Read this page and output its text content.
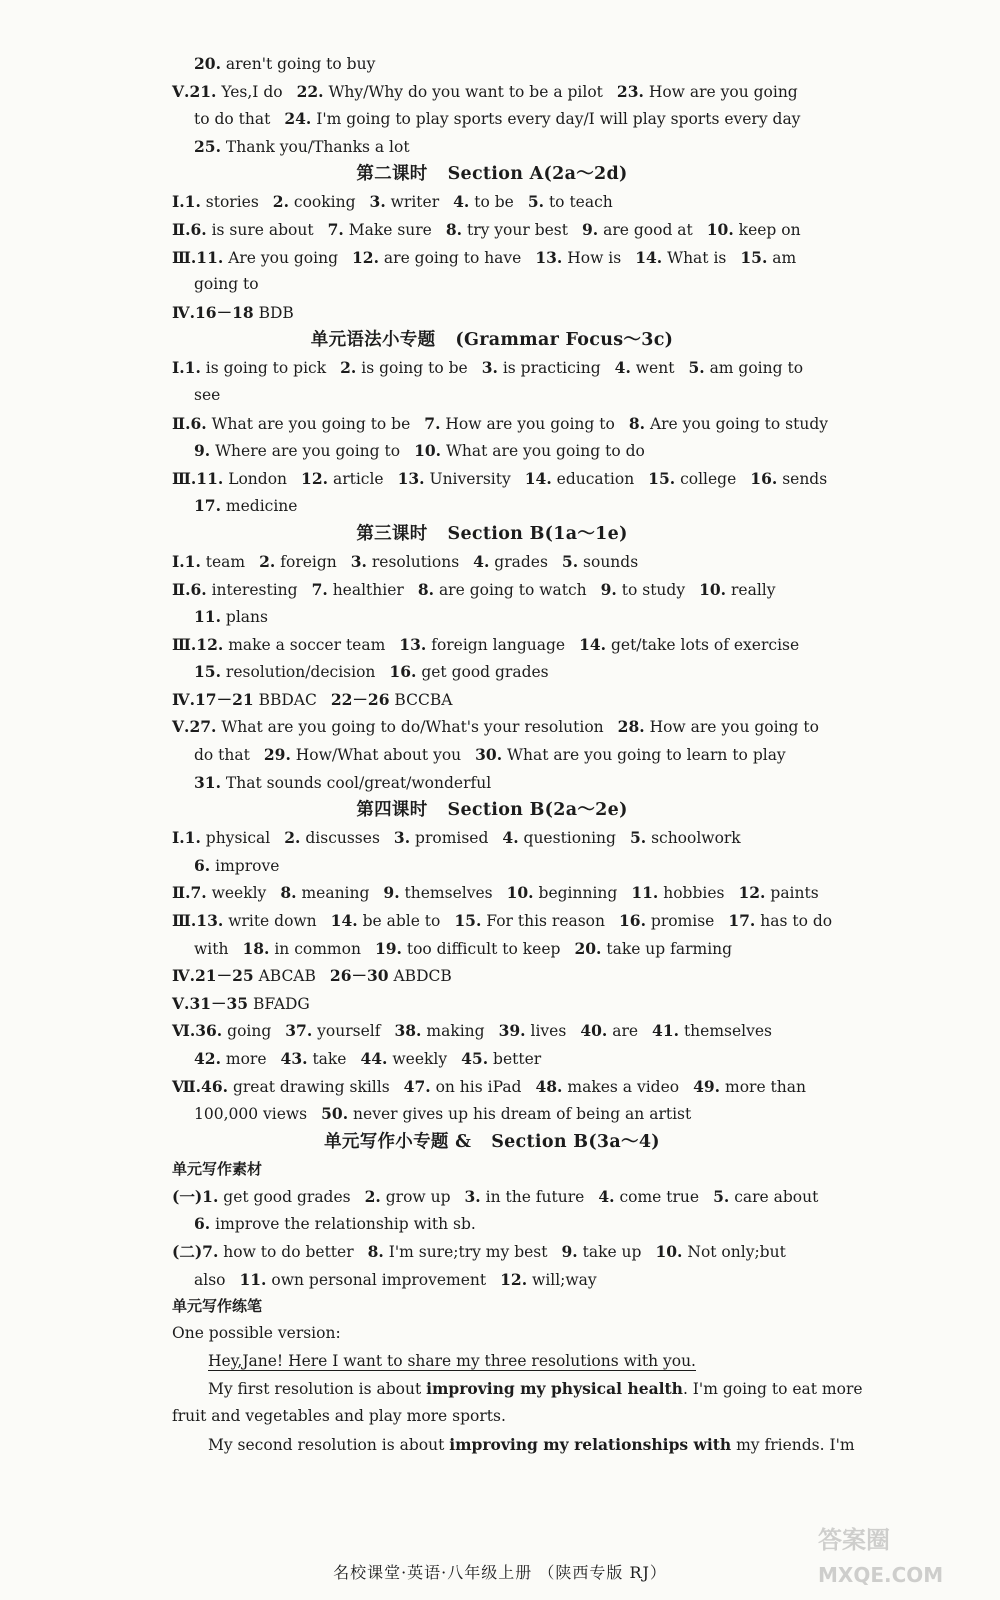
20. aren't going to buy
Ⅴ.21. Yes,I do 22. Why/Why do you want to be a pilot 23. How are you going
to do that 24. I'm going to play sports every day/I will play sports every day
25. Thank you/Thanks a lot
第二课时 Section A(2a～2d)
Ⅰ.1. stories 2. cooking 3. writer 4. to be 5. to teach
Ⅱ.6. is sure about 7. Make sure 8. try your best 9. are good at 10. keep on
Ⅲ.11. Are you going 12. are going to have 13. How is 14. What is 15. am
going to
Ⅳ.16－18 BDB
单元语法小专题 (Grammar Focus～3c)
Ⅰ.1. is going to pick 2. is going to be 3. is practicing 4. went 5. am going to
see
Ⅱ.6. What are you going to be 7. How are you going to 8. Are you going to study
9. Where are you going to 10. What are you going to do
Ⅲ.11. London 12. article 13. University 14. education 15. college 16. sends
17. medicine
第三课时 Section B(1a～1e)
Ⅰ.1. team 2. foreign 3. resolutions 4. grades 5. sounds
Ⅱ.6. interesting 7. healthier 8. are going to watch 9. to study 10. really
11. plans
Ⅲ.12. make a soccer team 13. foreign language 14. get/take lots of exercise
15. resolution/decision 16. get good grades
Ⅳ.17－21 BBDAC 22－26 BCCBA
Ⅴ.27. What are you going to do/What's your resolution 28. How are you going to
do that 29. How/What about you 30. What are you going to learn to play
31. That sounds cool/great/wonderful
第四课时 Section B(2a～2e)
Ⅰ.1. physical 2. discusses 3. promised 4. questioning 5. schoolwork
6. improve
Ⅱ.7. weekly 8. meaning 9. themselves 10. beginning 11. hobbies 12. paints
Ⅲ.13. write down 14. be able to 15. For this reason 16. promise 17. has to do
with 18. in common 19. too difficult to keep 20. take up farming
Ⅳ.21－25 ABCAB 26－30 ABDCB
Ⅴ.31－35 BFADG
Ⅵ.36. going 37. yourself 38. making 39. lives 40. are 41. themselves
42. more 43. take 44. weekly 45. better
Ⅶ.46. great drawing skills 47. on his iPad 48. makes a video 49. more than
100,000 views 50. never gives up his dream of being an artist
单元写作小专题 & Section B(3a～4)
单元写作素材
(一)1. get good grades 2. grow up 3. in the future 4. come true 5. care about
6. improve the relationship with sb.
(二)7. how to do better 8. I'm sure;try my best 9. take up 10. Not only;but
also 11. own personal improvement 12. will;way
单元写作练笔
One possible version:
Hey,Jane! Here I want to share my three resolutions with you.
My first resolution is about improving my physical health. I'm going to eat more
fruit and vegetables and play more sports.
My second resolution is about improving my relationships with my friends. I'm
名校课堂·英语·八年级上册 （陕西专版 RJ）
答案圈
MXQE.COM
